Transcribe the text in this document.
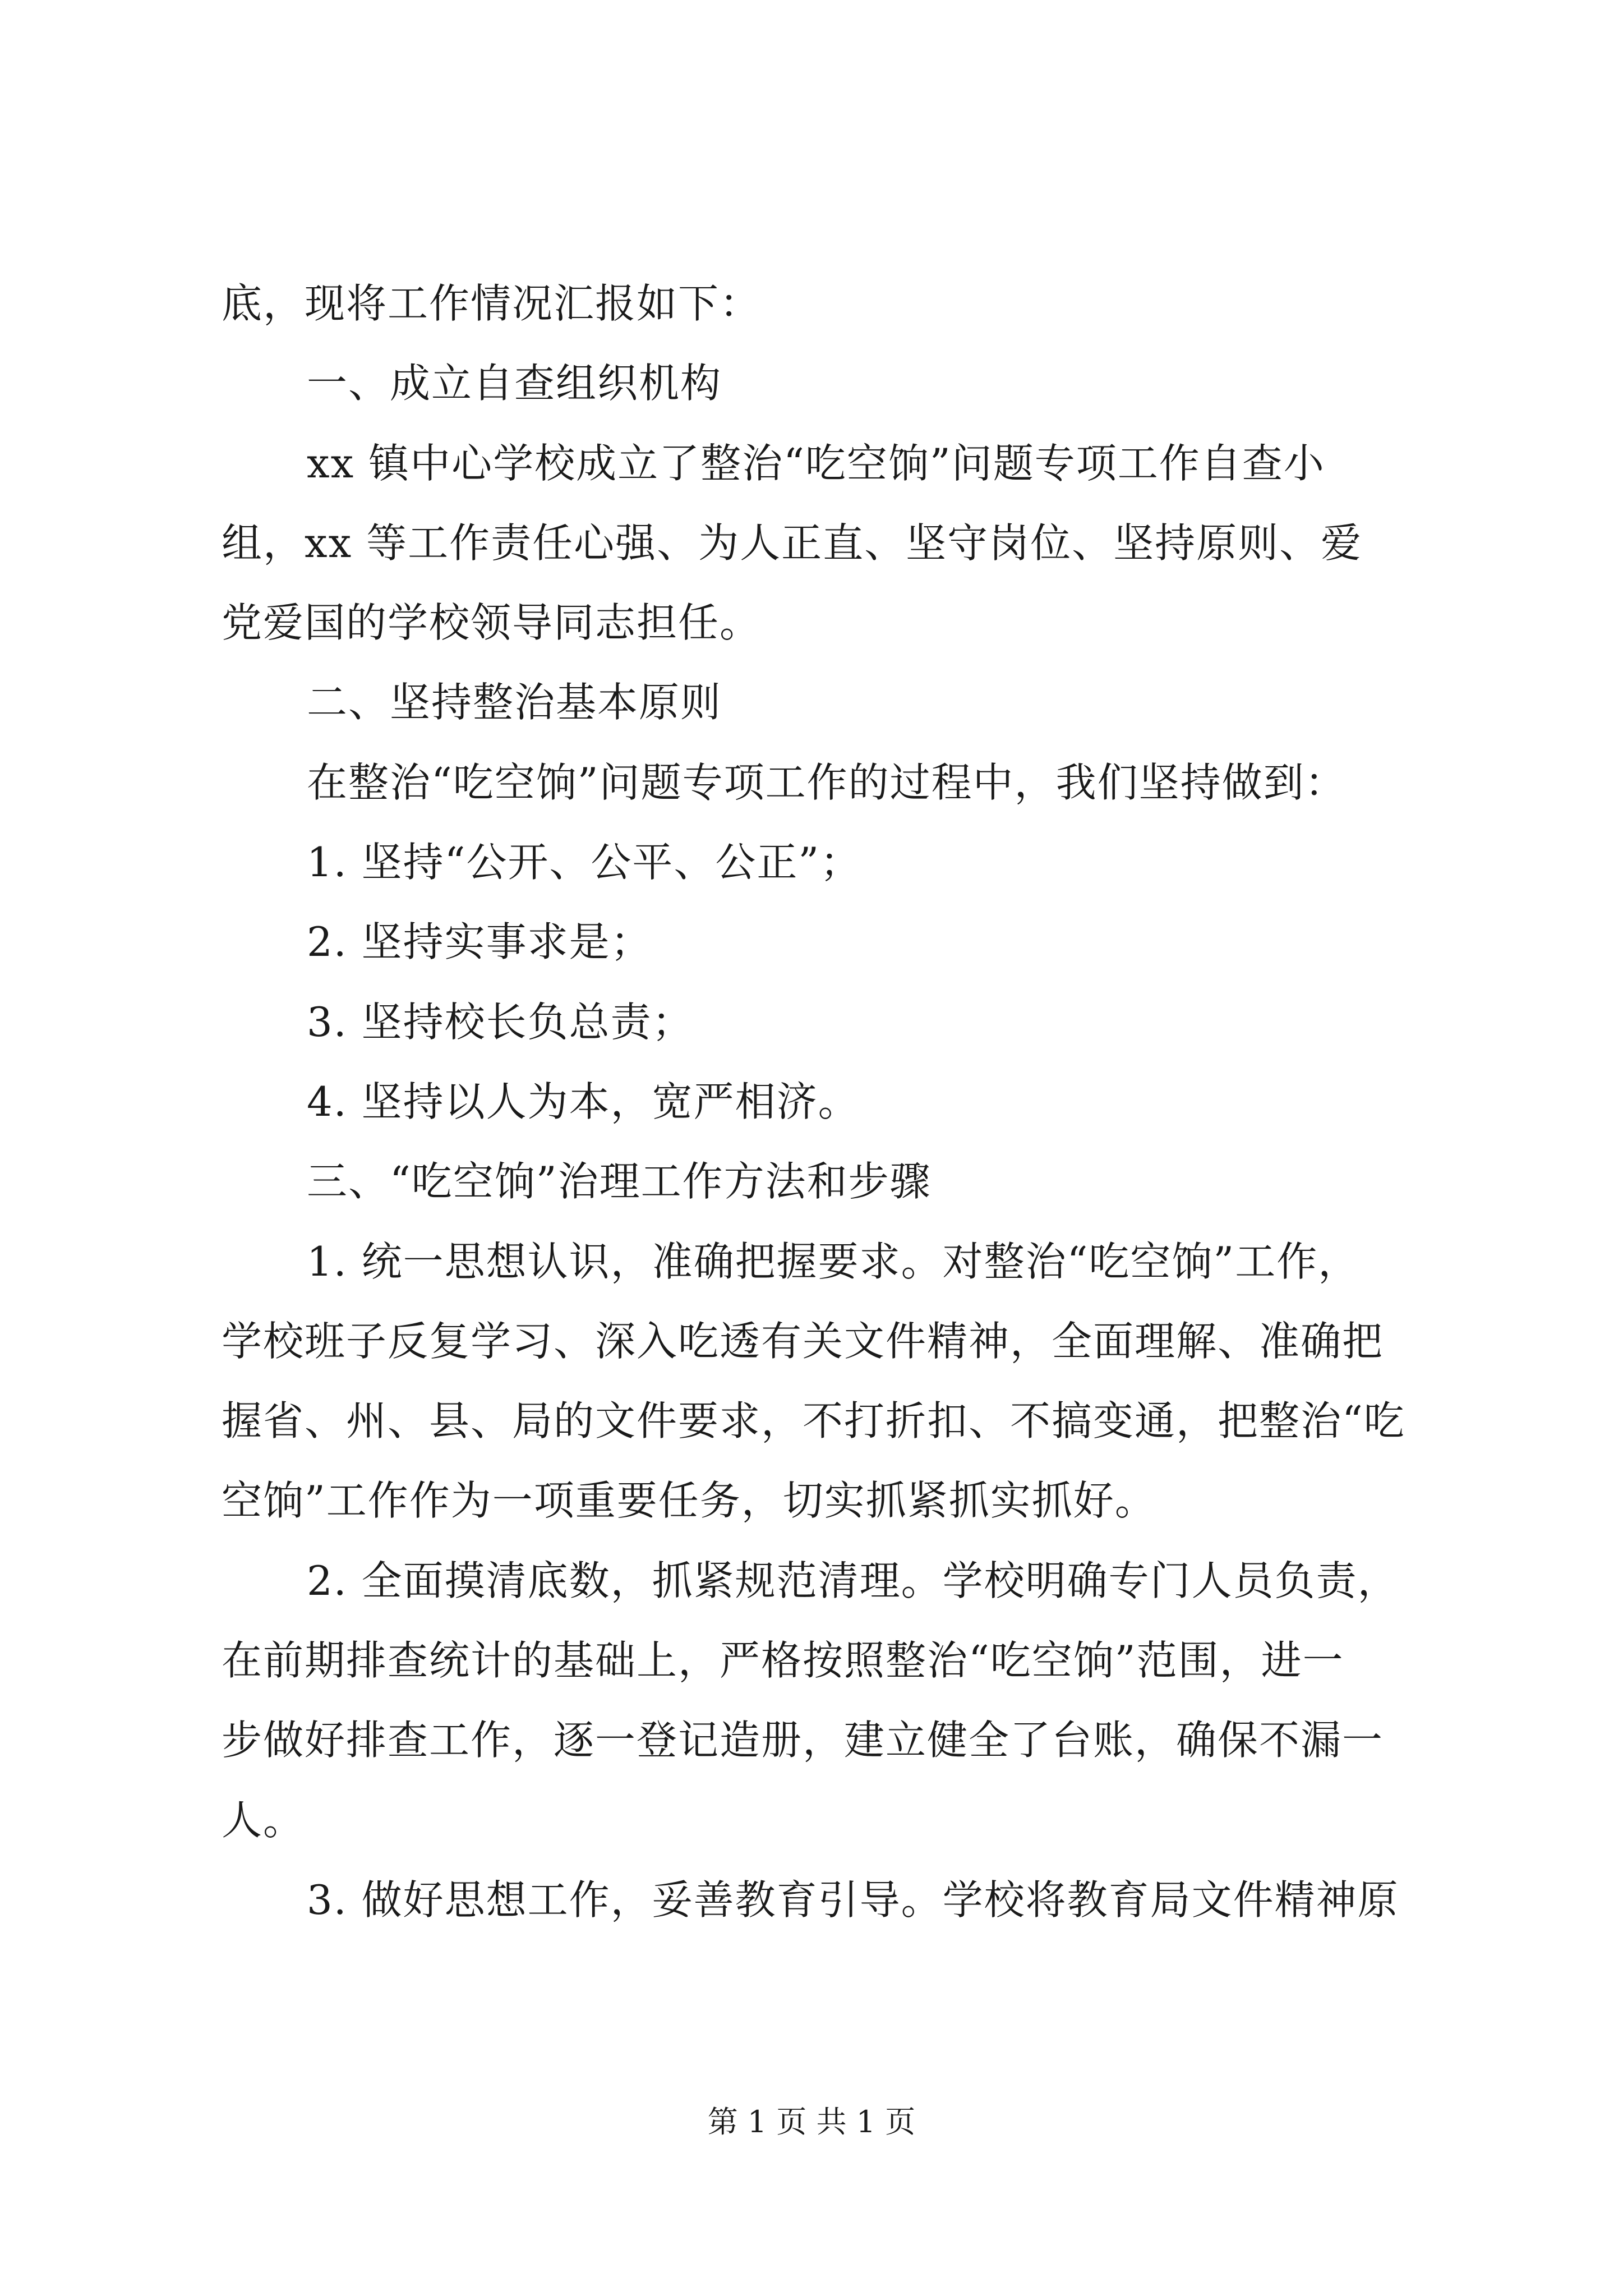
底，现将工作情况汇报如下：
一、成立自查组织机构
xx 镇中心学校成立了整治“吃空饷”问题专项工作自查小
组，xx 等工作责任心强、为人正直、坚守岗位、坚持原则、爱
党爱国的学校领导同志担任。
二、坚持整治基本原则
在整治“吃空饷”问题专项工作的过程中，我们坚持做到：
1. 坚持“公开、公平、公正”；
2. 坚持实事求是；
3. 坚持校长负总责；
4. 坚持以人为本，宽严相济。
三、“吃空饷”治理工作方法和步骤
1. 统一思想认识，准确把握要求。对整治“吃空饷”工作，
学校班子反复学习、深入吃透有关文件精神，全面理解、准确把
握省、州、县、局的文件要求，不打折扣、不搞变通，把整治“吃
空饷”工作作为一项重要任务，切实抓紧抓实抓好。
2. 全面摸清底数，抓紧规范清理。学校明确专门人员负责，
在前期排查统计的基础上，严格按照整治“吃空饷”范围，进一
步做好排查工作，逐一登记造册，建立健全了台账，确保不漏一
人。
3. 做好思想工作，妥善教育引导。学校将教育局文件精神原
第 1 页 共 1 页
